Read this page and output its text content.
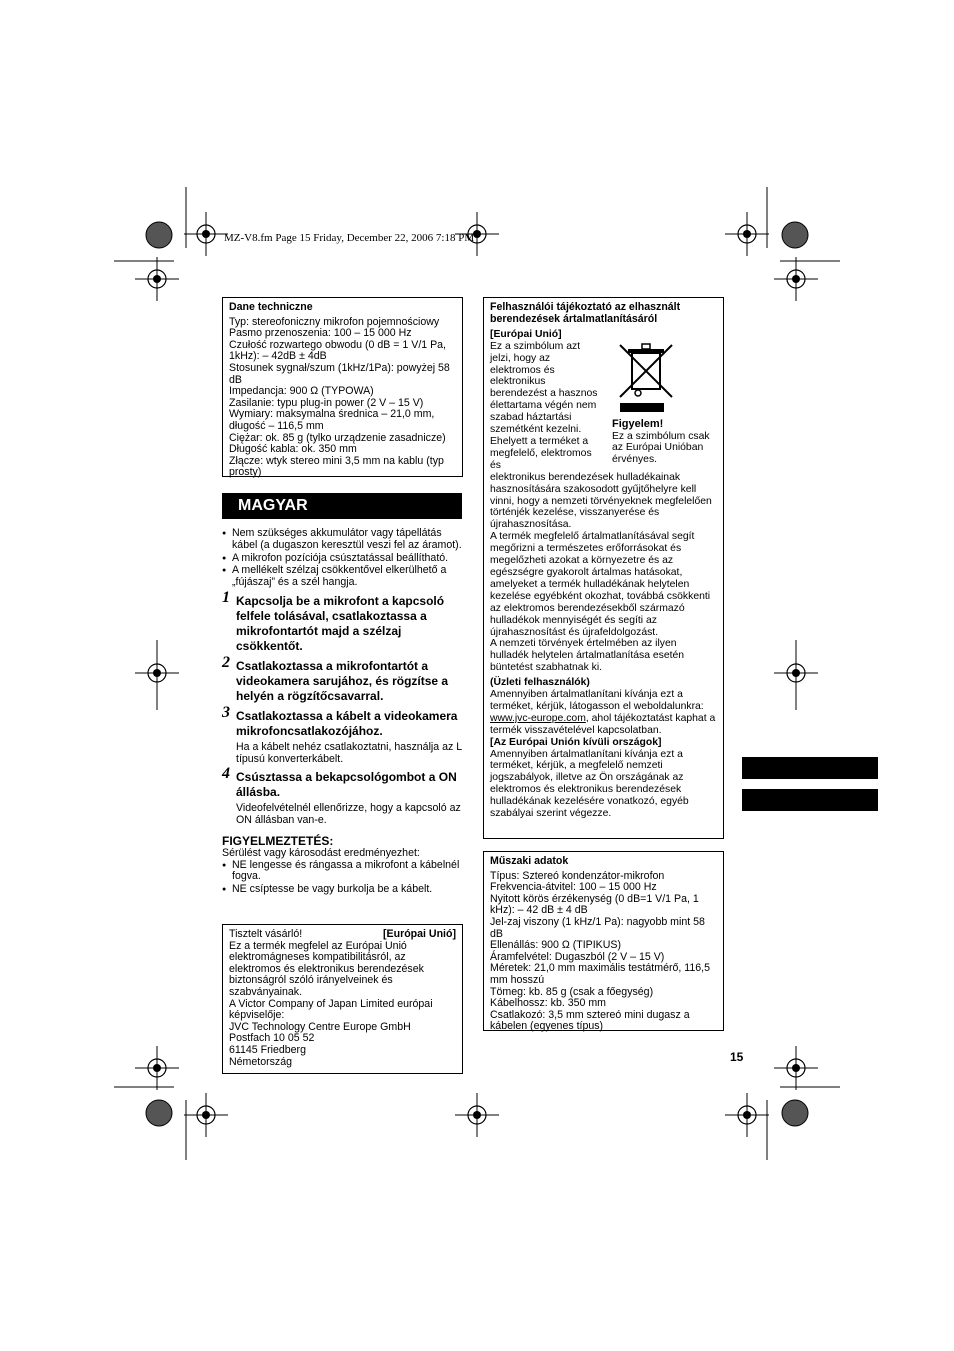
MZ-V8.fm Page 15 Friday, December 22, 2006 7:18 PM
Dane techniczne

Typ: stereofoniczny mikrofon pojemnościowy

Pasmo przenoszenia: 100 – 15 000 Hz

Czułość rozwartego obwodu (0 dB = 1 V/1 Pa, 1kHz): – 42dB ± 4dB

Stosunek sygnał/szum (1kHz/1Pa): powyżej 58 dB

Impedancja: 900 Ω (TYPOWA)

Zasilanie: typu plug-in power (2 V – 15 V)

Wymiary: maksymalna średnica – 21,0 mm, długość – 116,5 mm

Ciężar: ok. 85 g (tylko urządzenie zasadnicze)

Długość kabla: ok. 350 mm

Złącze: wtyk stereo mini 3,5 mm na kablu (typ prosty)

MAGYAR
● Nem szükséges akkumulátor vagy tápellátás kábel (a dugaszon keresztül veszi fel az áramot).
● A mikrofon pozíciója csúsztatással beállítható.
● A mellékelt szélzaj csökkentővel elkerülhető a „fújászaj” és a szél hangja.
1 Kapcsolja be a mikrofont a kapcsoló felfele tolásával, csatlakoztassa a mikrofontartót majd a szélzaj csökkentőt.
2 Csatlakoztassa a mikrofontartót a videokamera sarujához, és rögzítse a helyén a rögzítőcsavarral.
3 Csatlakoztassa a kábelt a videokamera mikrofoncsatlakozójához.
Ha a kábelt nehéz csatlakoztatni, használja az L típusú konverterkábelt.
4 Csúsztassa a bekapcsológombot a ON állásba.
Videofelvételnél ellenőrizze, hogy a kapcsoló az ON állásban van-e.
FIGYELMEZTETÉS:
Sérülést vagy károsodást eredményezhet:
● NE lengesse és rángassa a mikrofont a kábelnél fogva.
● NE csíptesse be vagy burkolja be a kábelt.
Tisztelt vásárló!	[Európai Unió]

Ez a termék megfelel az Európai Unió elektromágneses kompatibilitásról, az elektromos és elektronikus berendezések biztonságról szóló irányelveinek és szabványainak.

A Victor Company of Japan Limited európai képviselője:

JVC Technology Centre Europe GmbH

Postfach 10 05 52

61145 Friedberg

Németország

Felhasználói tájékoztató az elhasznált berendezések ártalmatlanításáról
[Európai Unió]
Ez a szimbólum azt jelzi, hogy az elektromos és elektronikus berendezést a hasznos élettartama végén nem szabad háztartási szemétként kezelni. Ehelyett a terméket a megfelelő, elektromos és
Figyelem!
Ez a szimbólum csak az Európai Unióban érvényes.

elektronikus berendezések hulladékainak hasznosítására szakosodott gyűjtőhelyre kell vinni, hogy a nemzeti törvényeknek megfelelően történjék kezelése, visszanyerése és újrahasznosítása.

A termék megfelelő ártalmatlanításával segít megőrizni a természetes erőforrásokat és megelőzheti azokat a környezetre és az egészségre gyakorolt ártalmas hatásokat, amelyeket a termék hulladékának helytelen kezelése egyébként okozhat, továbbá csökkenti az elektromos berendezésekből származó hulladékok mennyiségét és segíti az újrahasznosítást és újrafeldolgozást.

A nemzeti törvények értelmében az ilyen hulladék helytelen ártalmatlanítása esetén büntetést szabhatnak ki.

(Üzleti felhasználók)

Amennyiben ártalmatlanítani kívánja ezt a terméket, kérjük, látogasson el weboldalunkra: www.jvc-europe.com, ahol tájékoztatást kaphat a termék visszavételével kapcsolatban.

[Az Európai Unión kívüli országok]

Amennyiben ártalmatlanítani kívánja ezt a terméket, kérjük, a megfelelő nemzeti jogszabályok, illetve az Ön országának az elektromos és elektronikus berendezések hulladékának kezelésére vonatkozó, egyéb szabályai szerint végezze.

Műszaki adatok

Típus: Sztereó kondenzátor-mikrofon

Frekvencia-átvitel: 100 – 15 000 Hz

Nyitott körös érzékenység (0 dB=1 V/1 Pa, 1 kHz): – 42 dB ± 4 dB

Jel-zaj viszony (1 kHz/1 Pa): nagyobb mint 58 dB

Ellenállás: 900 Ω (TIPIKUS)

Áramfelvétel: Dugaszból (2 V – 15 V)

Méretek: 21,0 mm maximális testátmérő, 116,5 mm hosszú

Tömeg: kb. 85 g (csak a főegység)

Kábelhossz: kb. 350 mm

Csatlakozó: 3,5 mm sztereó mini dugasz a kábelen (egyenes típus)

15
